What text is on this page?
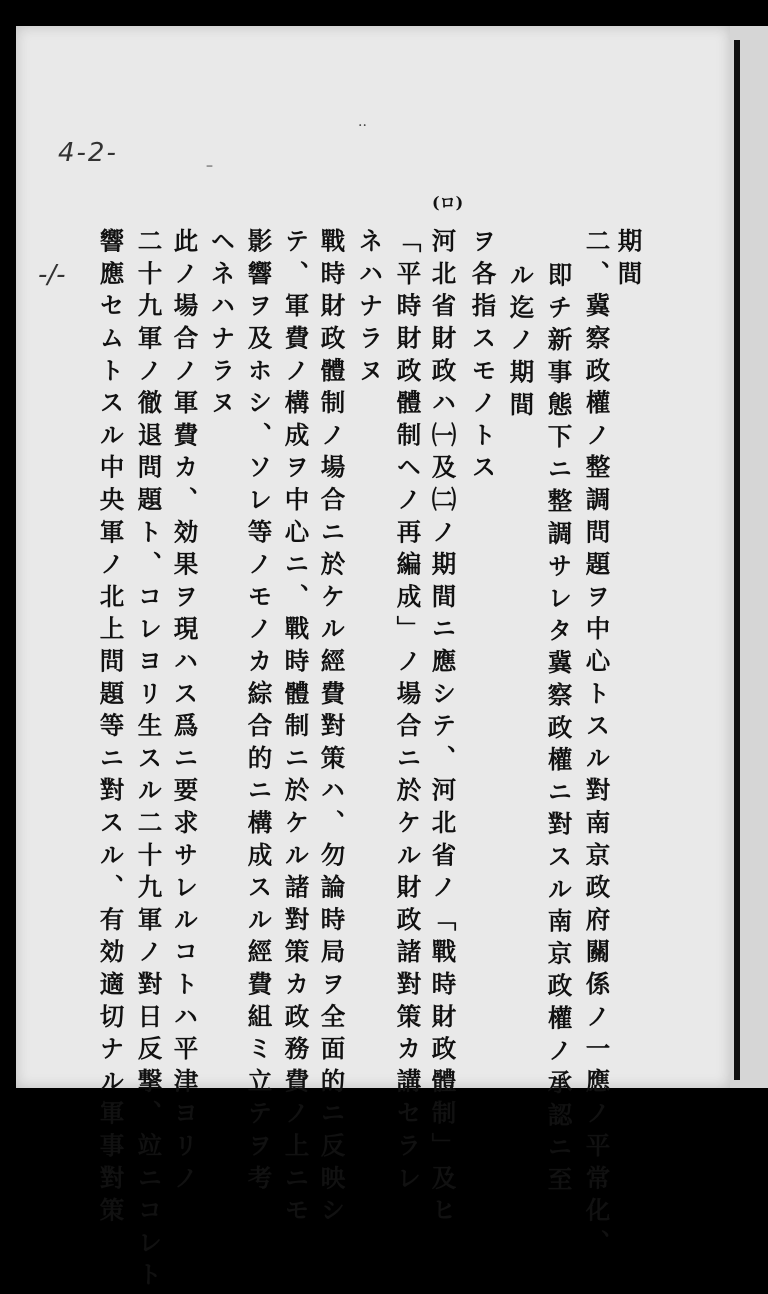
4-2-
-/-
··
–
期間
二、冀察政權ノ整調問題ヲ中心トスル對南京政府關係ノ一應ノ平常化、
即チ新事態下ニ整調サレタ冀察政權ニ對スル南京政權ノ承認ニ至
ル迄ノ期間
ヲ各指スモノトス
(ロ)
河北省財政ハ㈠及㈡ノ期間ニ應シテ、河北省ノ「戰時財政體制」及ヒ
「平時財政體制ヘノ再編成」ノ場合ニ於ケル財政諸對策カ講セラレ
ネハナラヌ
戰時財政體制ノ場合ニ於ケル經費對策ハ、勿論時局ヲ全面的ニ反映シ
テ、軍費ノ構成ヲ中心ニ、戰時體制ニ於ケル諸對策カ政務費ノ上ニモ
影響ヲ及ホシ、ソレ等ノモノカ綜合的ニ構成スル經費組ミ立テヲ考
ヘネハナラヌ
此ノ場合ノ軍費カ、効果ヲ現ハス爲ニ要求サレルコトハ平津ヨリノ
二十九軍ノ徹退問題ト、コレヨリ生スル二十九軍ノ對日反撃、竝ニコレト
響應セムトスル中央軍ノ北上問題等ニ對スル、有効適切ナル軍事對策
